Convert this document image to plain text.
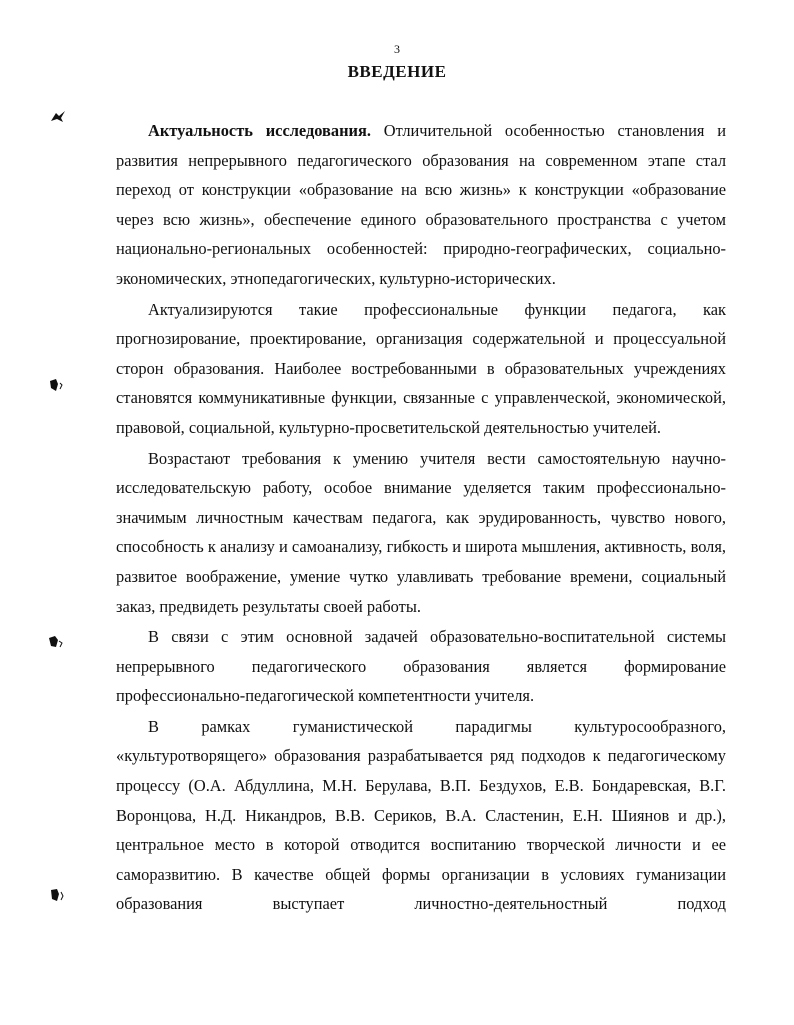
3
ВВЕДЕНИЕ

Актуальность исследования. Отличительной особенностью становления и развития непрерывного педагогического образования на современном этапе стал переход от конструкции «образование на всю жизнь» к конструкции «образование через всю жизнь», обеспечение единого образовательного пространства с учетом национально-региональных особенностей: природно-географических, социально-экономических, этнопедагогических, культурно-исторических.

Актуализируются такие профессиональные функции педагога, как прогнозирование, проектирование, организация содержательной и процессуальной сторон образования. Наиболее востребованными в образовательных учреждениях становятся коммуникативные функции, связанные с управленческой, экономической, правовой, социальной, культурно-просветительской деятельностью учителей.

Возрастают требования к умению учителя вести самостоятельную научно-исследовательскую работу, особое внимание уделяется таким профессионально-значимым личностным качествам педагога, как эрудированность, чувство нового, способность к анализу и самоанализу, гибкость и широта мышления, активность, воля, развитое воображение, умение чутко улавливать требование времени, социальный заказ, предвидеть результаты своей работы.

В связи с этим основной задачей образовательно-воспитательной системы непрерывного педагогического образования является формирование профессионально-педагогической компетентности учителя.

В рамках гуманистической парадигмы культуросообразного, «культуротворящего» образования разрабатывается ряд подходов к педагогическому процессу (О.А. Абдуллина, М.Н. Берулава, В.П. Бездухов, Е.В. Бондаревская, В.Г. Воронцова, Н.Д. Никандров, В.В. Сериков, В.А. Сластенин, Е.Н. Шиянов и др.), центральное место в которой отводится воспитанию творческой личности и ее саморазвитию. В качестве общей формы организации в условиях гуманизации образования выступает личностно-деятельностный подход
